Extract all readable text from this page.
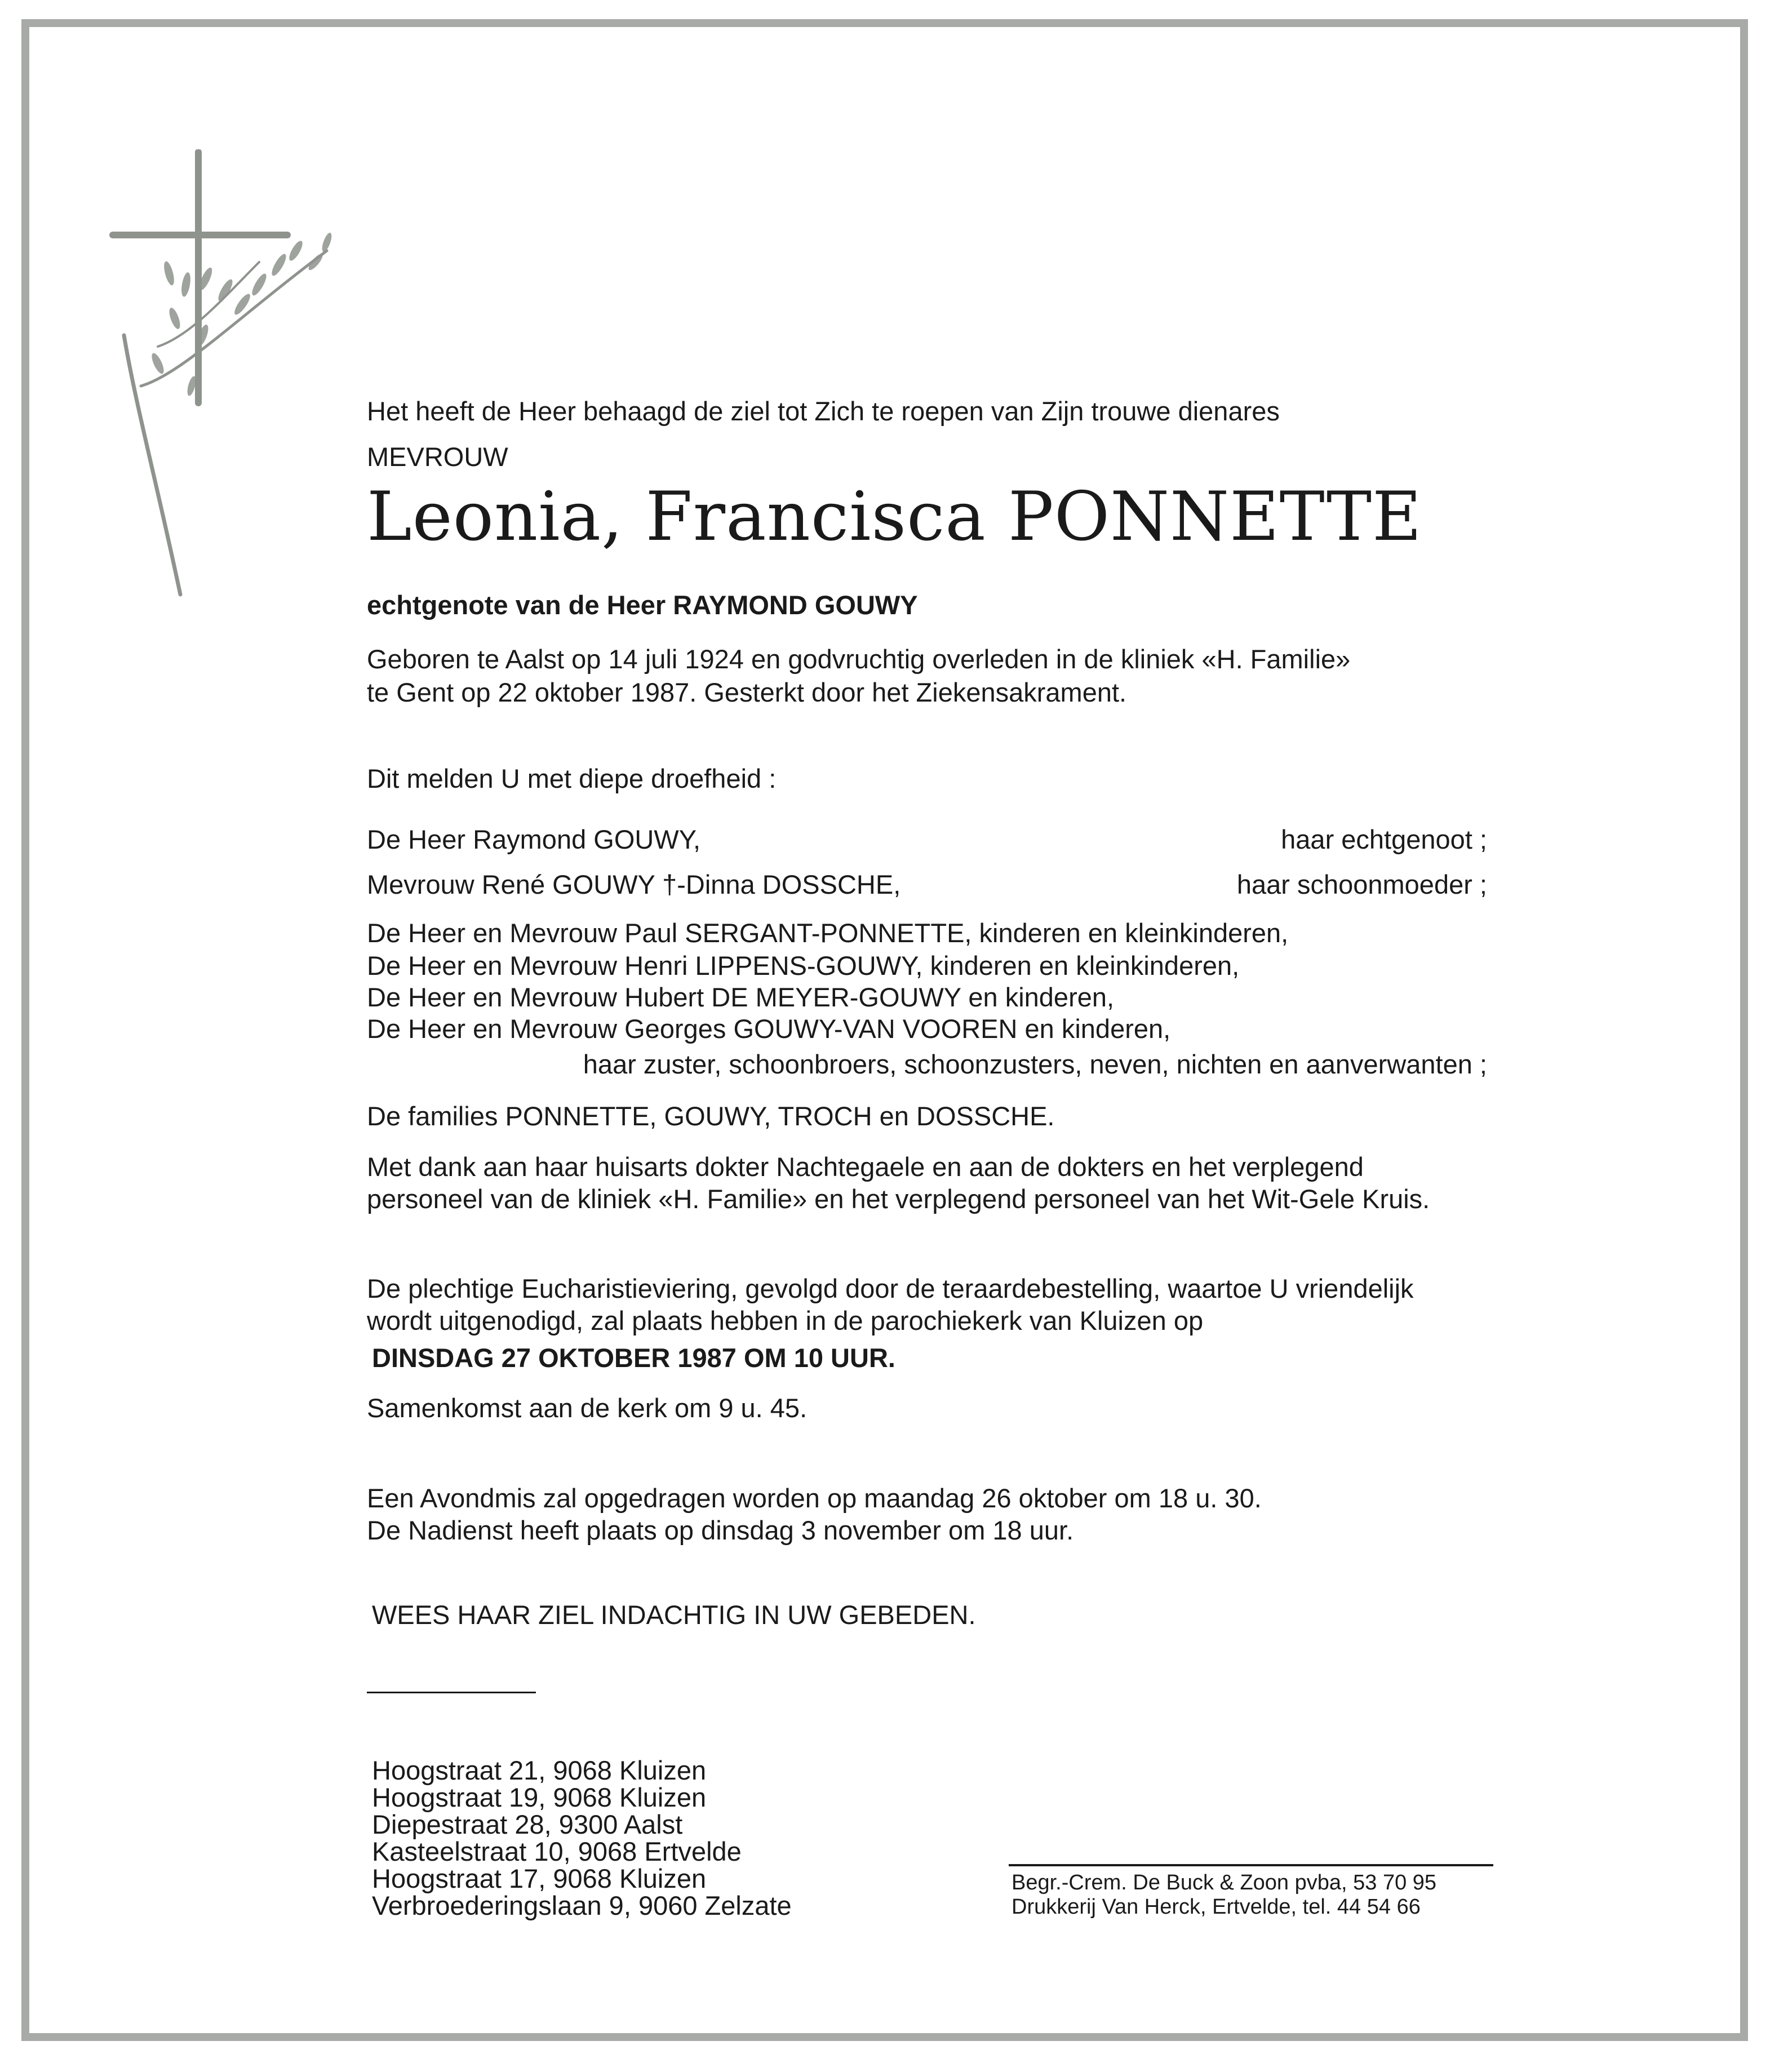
Het heeft de Heer behaagd de ziel tot Zich te roepen van Zijn trouwe dienares
MEVROUW
Leonia, Francisca PONNETTE
echtgenote van de Heer RAYMOND GOUWY
Geboren te Aalst op 14 juli 1924 en godvruchtig overleden in de kliniek «H. Familie»
te Gent op 22 oktober 1987. Gesterkt door het Ziekensakrament.
Dit melden U met diepe droefheid :
De Heer Raymond GOUWY,	haar echtgenoot ;
Mevrouw René GOUWY †-Dinna DOSSCHE,	haar schoonmoeder ;
De Heer en Mevrouw Paul SERGANT-PONNETTE, kinderen en kleinkinderen,
De Heer en Mevrouw Henri LIPPENS-GOUWY, kinderen en kleinkinderen,
De Heer en Mevrouw Hubert DE MEYER-GOUWY en kinderen,
De Heer en Mevrouw Georges GOUWY-VAN VOOREN en kinderen,
haar zuster, schoonbroers, schoonzusters, neven, nichten en aanverwanten ;
De families PONNETTE, GOUWY, TROCH en DOSSCHE.
Met dank aan haar huisarts dokter Nachtegaele en aan de dokters en het verplegend
personeel van de kliniek «H. Familie» en het verplegend personeel van het Wit-Gele Kruis.
De plechtige Eucharistieviering, gevolgd door de teraardebestelling, waartoe U vriendelijk
wordt uitgenodigd, zal plaats hebben in de parochiekerk van Kluizen op
DINSDAG 27 OKTOBER 1987 OM 10 UUR.
Samenkomst aan de kerk om 9 u. 45.
Een Avondmis zal opgedragen worden op maandag 26 oktober om 18 u. 30.
De Nadienst heeft plaats op dinsdag 3 november om 18 uur.
WEES HAAR ZIEL INDACHTIG IN UW GEBEDEN.
Hoogstraat 21, 9068 Kluizen
Hoogstraat 19, 9068 Kluizen
Diepestraat 28, 9300 Aalst
Kasteelstraat 10, 9068 Ertvelde
Hoogstraat 17, 9068 Kluizen
Verbroederingslaan 9, 9060 Zelzate
Begr.-Crem. De Buck & Zoon pvba, 53 70 95
Drukkerij Van Herck, Ertvelde, tel. 44 54 66
